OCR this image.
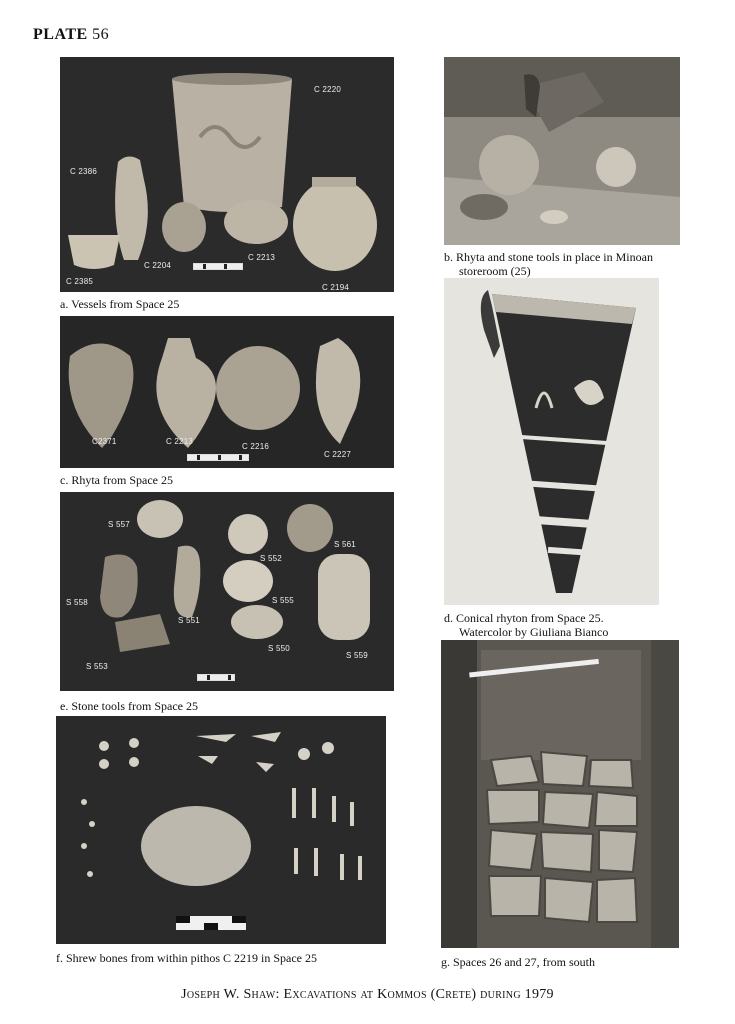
PLATE 56
C 2220
C 2386
C 2385
C 2204
C 2213
C 2194
a. Vessels from Space 25
b. Rhyta and stone tools in place in Minoan
storeroom (25)
C2371	C 2213
C 2216
C 2227
c. Rhyta from Space 25
d. Conical rhyton from Space 25.
Watercolor by Giuliana Bianco
S 557
S 552
S 561
S 558
S 551
S 555
S 550
S 559
S 553
e. Stone tools from Space 25
f. Shrew bones from within pithos C 2219 in Space 25	g. Spaces 26 and 27, from south
Joseph W. Shaw: Excavations at Kommos (Crete) during 1979
